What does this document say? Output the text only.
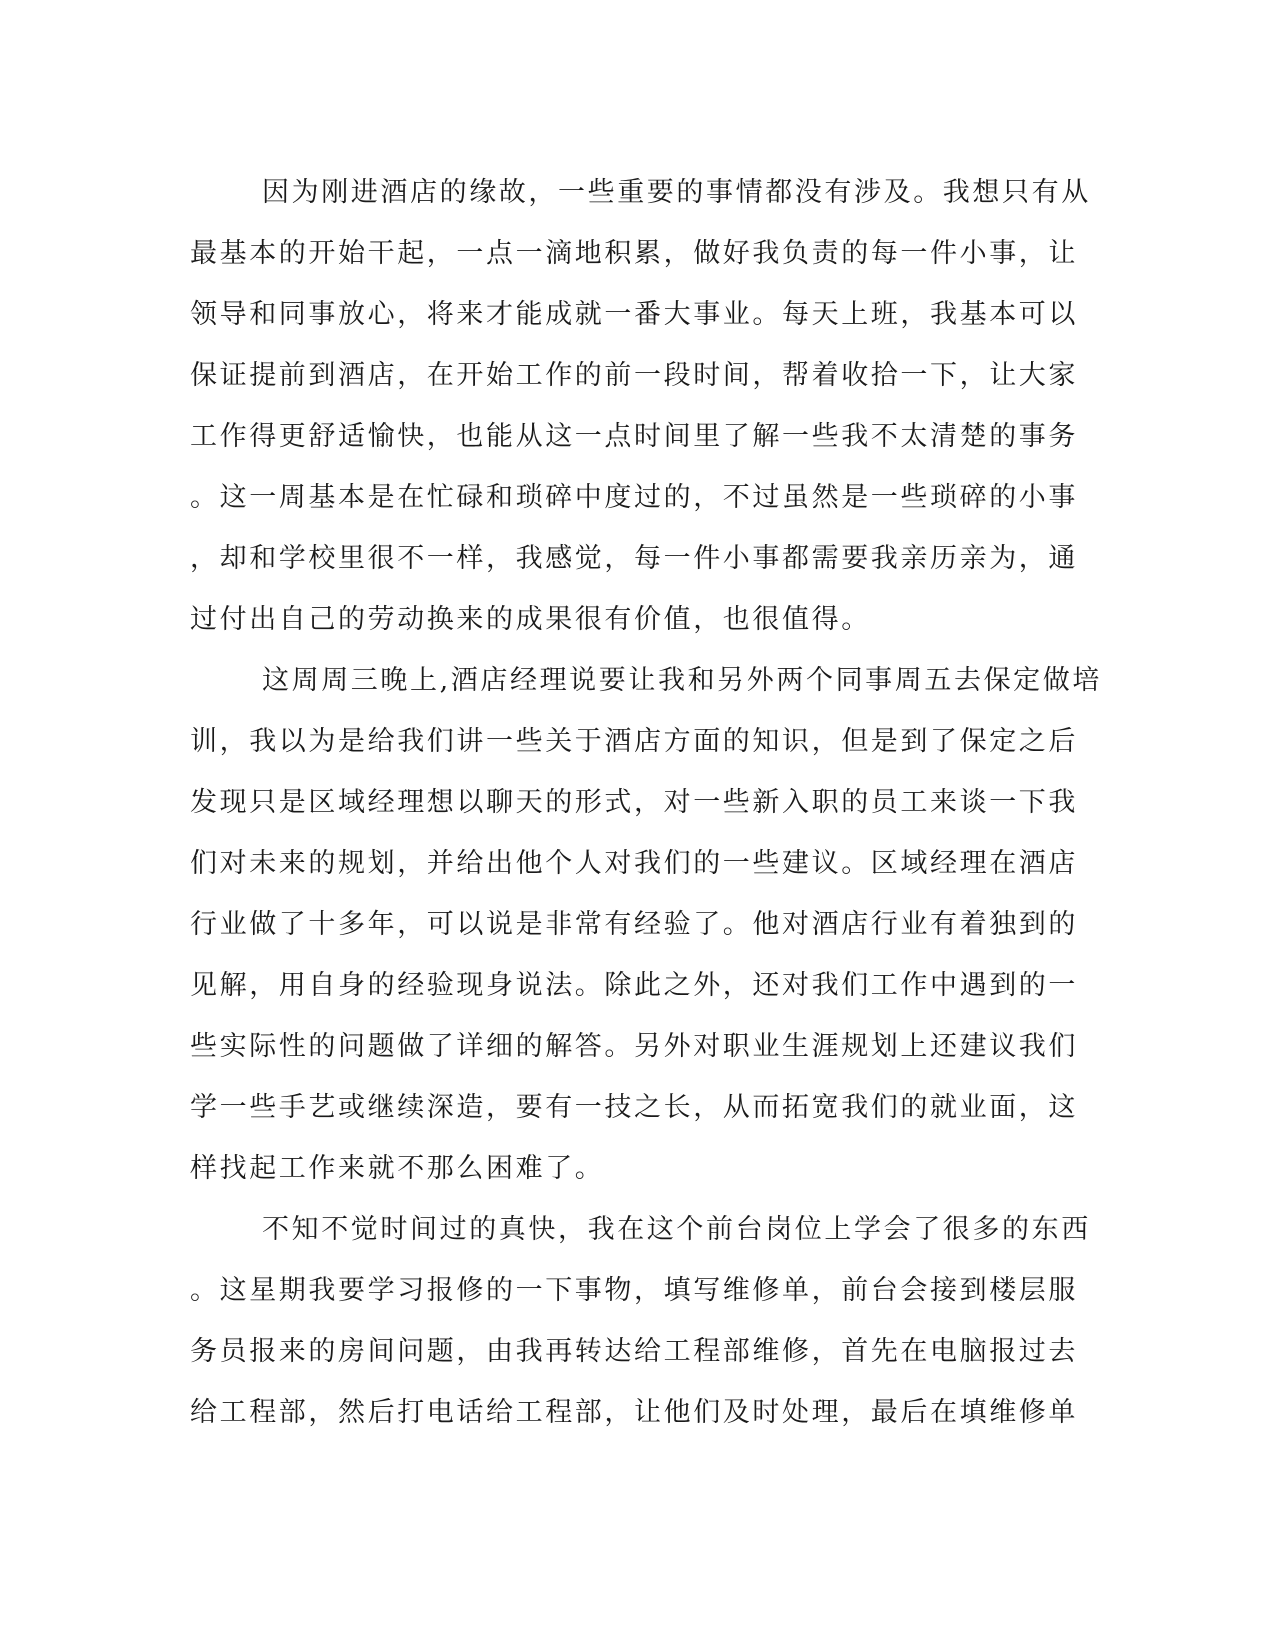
因为刚进酒店的缘故，一些重要的事情都没有涉及。我想只有从
最基本的开始干起，一点一滴地积累，做好我负责的每一件小事，让
领导和同事放心，将来才能成就一番大事业。每天上班，我基本可以
保证提前到酒店，在开始工作的前一段时间，帮着收拾一下，让大家
工作得更舒适愉快，也能从这一点时间里了解一些我不太清楚的事务
。这一周基本是在忙碌和琐碎中度过的，不过虽然是一些琐碎的小事
，却和学校里很不一样，我感觉，每一件小事都需要我亲历亲为，通
过付出自己的劳动换来的成果很有价值，也很值得。
这周周三晚上,酒店经理说要让我和另外两个同事周五去保定做培
训，我以为是给我们讲一些关于酒店方面的知识，但是到了保定之后
发现只是区域经理想以聊天的形式，对一些新入职的员工来谈一下我
们对未来的规划，并给出他个人对我们的一些建议。区域经理在酒店
行业做了十多年，可以说是非常有经验了。他对酒店行业有着独到的
见解，用自身的经验现身说法。除此之外，还对我们工作中遇到的一
些实际性的问题做了详细的解答。另外对职业生涯规划上还建议我们
学一些手艺或继续深造，要有一技之长，从而拓宽我们的就业面，这
样找起工作来就不那么困难了。
不知不觉时间过的真快，我在这个前台岗位上学会了很多的东西
。这星期我要学习报修的一下事物，填写维修单，前台会接到楼层服
务员报来的房间问题，由我再转达给工程部维修，首先在电脑报过去
给工程部，然后打电话给工程部，让他们及时处理，最后在填维修单
